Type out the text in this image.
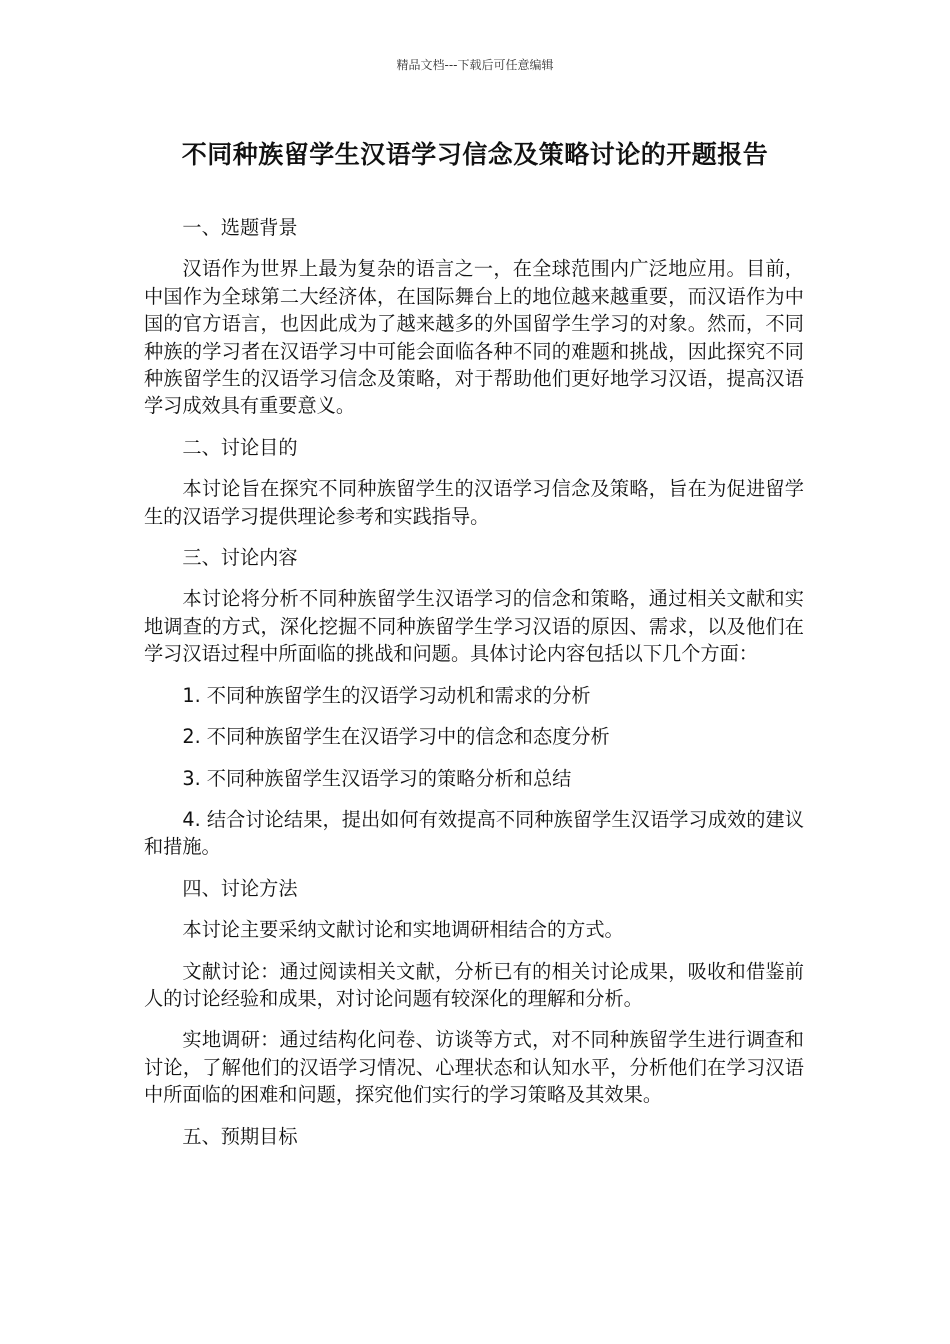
精品文档---下载后可任意编辑
不同种族留学生汉语学习信念及策略讨论的开题报告

一、选题背景

汉语作为世界上最为复杂的语言之一，在全球范围内广泛地应用。目前，中国作为全球第二大经济体，在国际舞台上的地位越来越重要，而汉语作为中国的官方语言，也因此成为了越来越多的外国留学生学习的对象。然而，不同种族的学习者在汉语学习中可能会面临各种不同的难题和挑战，因此探究不同种族留学生的汉语学习信念及策略，对于帮助他们更好地学习汉语，提高汉语学习成效具有重要意义。

二、讨论目的

本讨论旨在探究不同种族留学生的汉语学习信念及策略，旨在为促进留学生的汉语学习提供理论参考和实践指导。

三、讨论内容

本讨论将分析不同种族留学生汉语学习的信念和策略，通过相关文献和实地调查的方式，深化挖掘不同种族留学生学习汉语的原因、需求，以及他们在学习汉语过程中所面临的挑战和问题。具体讨论内容包括以下几个方面：

1. 不同种族留学生的汉语学习动机和需求的分析

2. 不同种族留学生在汉语学习中的信念和态度分析

3. 不同种族留学生汉语学习的策略分析和总结

4. 结合讨论结果，提出如何有效提高不同种族留学生汉语学习成效的建议和措施。

四、讨论方法

本讨论主要采纳文献讨论和实地调研相结合的方式。

文献讨论：通过阅读相关文献，分析已有的相关讨论成果，吸收和借鉴前人的讨论经验和成果，对讨论问题有较深化的理解和分析。

实地调研：通过结构化问卷、访谈等方式，对不同种族留学生进行调查和讨论，了解他们的汉语学习情况、心理状态和认知水平，分析他们在学习汉语中所面临的困难和问题，探究他们实行的学习策略及其效果。

五、预期目标
